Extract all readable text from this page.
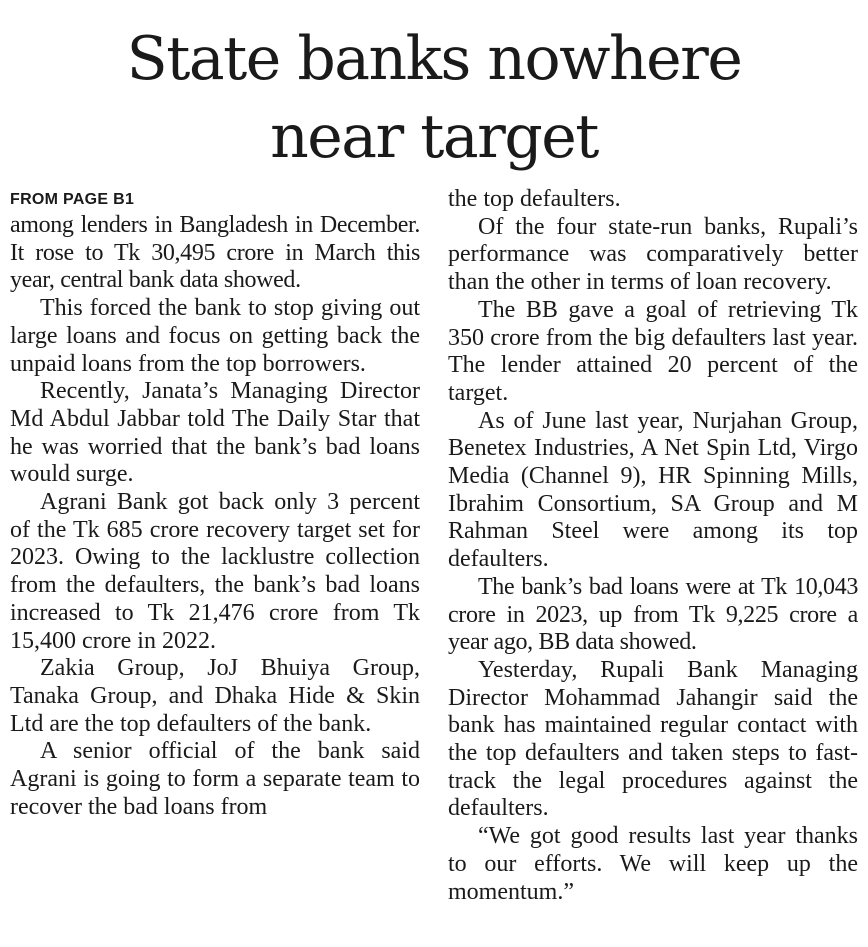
State banks nowhere
near target
FROM PAGE B1

among lenders in Bangladesh in December. It rose to Tk 30,495 crore in March this year, central bank data showed.

This forced the bank to stop giving out large loans and focus on getting back the unpaid loans from the top borrowers.

Recently, Janata’s Managing Director Md Abdul Jabbar told The Daily Star that he was worried that the bank’s bad loans would surge.

Agrani Bank got back only 3 percent of the Tk 685 crore recovery target set for 2023. Owing to the lacklustre collection from the defaulters, the bank’s bad loans increased to Tk 21,476 crore from Tk 15,400 crore in 2022.

Zakia Group, JoJ Bhuiya Group, Tanaka Group, and Dhaka Hide & Skin Ltd are the top defaulters of the bank.

A senior official of the bank said Agrani is going to form a separate team to recover the bad loans from

the top defaulters.

Of the four state-run banks, Rupali’s performance was comparatively better than the other in terms of loan recovery.

The BB gave a goal of retrieving Tk 350 crore from the big defaulters last year. The lender attained 20 percent of the target.

As of June last year, Nurjahan Group, Benetex Industries, A Net Spin Ltd, Virgo Media (Channel 9), HR Spinning Mills, Ibrahim Consortium, SA Group and M Rahman Steel were among its top defaulters.

The bank’s bad loans were at Tk 10,043 crore in 2023, up from Tk 9,225 crore a year ago, BB data showed.

Yesterday, Rupali Bank Managing Director Mohammad Jahangir said the bank has maintained regular contact with the top defaulters and taken steps to fast-track the legal procedures against the defaulters.

“We got good results last year thanks to our efforts. We will keep up the momentum.”
